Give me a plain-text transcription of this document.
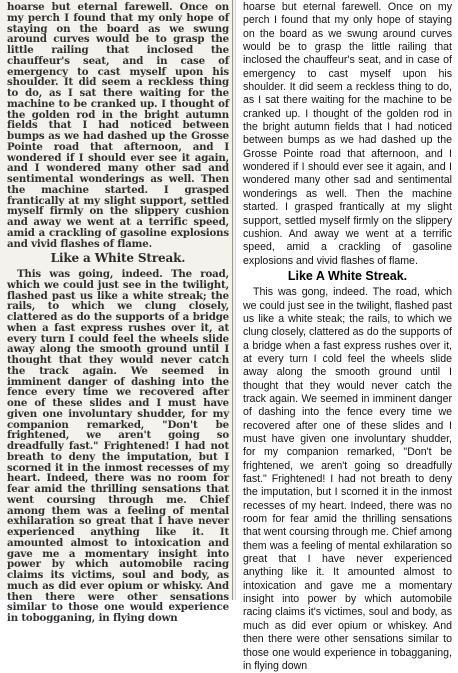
hoarse but eternal farewell. Once on my perch I found that my only hope of staying on the board as we swung around curves would be to grasp the little railing that inclosed the chauffeur's seat, and in case of emergency to cast myself upon his shoulder. It did seem a reckless thing to do, as I sat there waiting for the machine to be cranked up. I thought of the golden rod in the bright autumn fields that I had noticed between bumps as we had dashed up the Grosse Pointe road that afternoon, and I wondered if I should ever see it again, and I wondered many other sad and sentimental wonderings as well. Then the machine started. I grasped frantically at my slight support, settled myself firmly on the slippery cushion and away we went at a terrific speed, amid a crackling of gasoline explosions and vivid flashes of flame.

Like a White Streak.

This was going, indeed. The road, which we could just see in the twilight, flashed past us like a white streak; the rails, to which we clung closely, clattered as do the supports of a bridge when a fast express rushes over it, at every turn I could feel the wheels slide away along the smooth ground until I thought that they would never catch the track again. We seemed in imminent danger of dashing into the fence every time we recovered after one of these slides and I must have given one involuntary shudder, for my companion remarked, "Don't be frightened, we aren't going so dreadfully fast." Frightened! I had not breath to deny the imputation, but I scorned it in the inmost recesses of my heart. Indeed, there was no room for fear amid the thrilling sensations that went coursing through me. Chief among them was a feeling of mental exhilaration so great that I have never experienced anything like it. It amounted almost to intoxication and gave me a momentary insight into power by which automobile racing claims its victims, soul and body, as much as did ever opium or whisky. And then there were other sensations similar to those one would experience in tobogganing, in flying down

hoarse but eternal farewell. Once on my perch I found that my only hope of staying on the board as we swung around curves would be to grasp the little railing that inclosed the chauffeur's seat, and in case of emergency to cast myself upon his shoulder. It did seem a reckless thing to do, as I sat there waiting for the machine to be cranked up. I thought of the golden rod in the bright autumn fields that I had noticed between bumps as we had dashed up the Grosse Pointe road that afternoon, and I wondered if I should ever see it again, and I wondered many other sad and sentimental wonderings as well. Then the machine started. I grasped frantically at my slight support, settled myself firmly on the slippery cushion. And away we went at a terrific speed, amid a crackling of gasoline explosions and vivid flashes of flame.

Like A White Streak.

This was gong, indeed. The road, which we could just see in the twilight, flashed past us like a white steak; the rails, to which we clung closely, clattered as do the supports of a bridge when a fast express rushes over it, at every turn I cold feel the wheels slide away along the smooth ground until I thought that they would never catch the track again. We seemed in imminent danger of dashing into the fence every time we recovered after one of these slides and I must have given one involuntary shudder, for my companion remarked, "Don't be frightened, we aren't going so dreadfully fast." Frightened! I had not breath to deny the imputation, but I scorned it in the inmost recesses of my heart. Indeed, there was no room for fear amid the thrilling sensations that went coursing through me. Chief among them was a feeling of mental exhilaration so great that I have never experienced anything like it. It amounted almost to intoxication and gave me a momentary insight into power by which automobile racing claims it's victimes, soul and body, as much as did ever opium or whiskey. And then there were other sensations similar to those one would experience in tobagganing, in flying down
